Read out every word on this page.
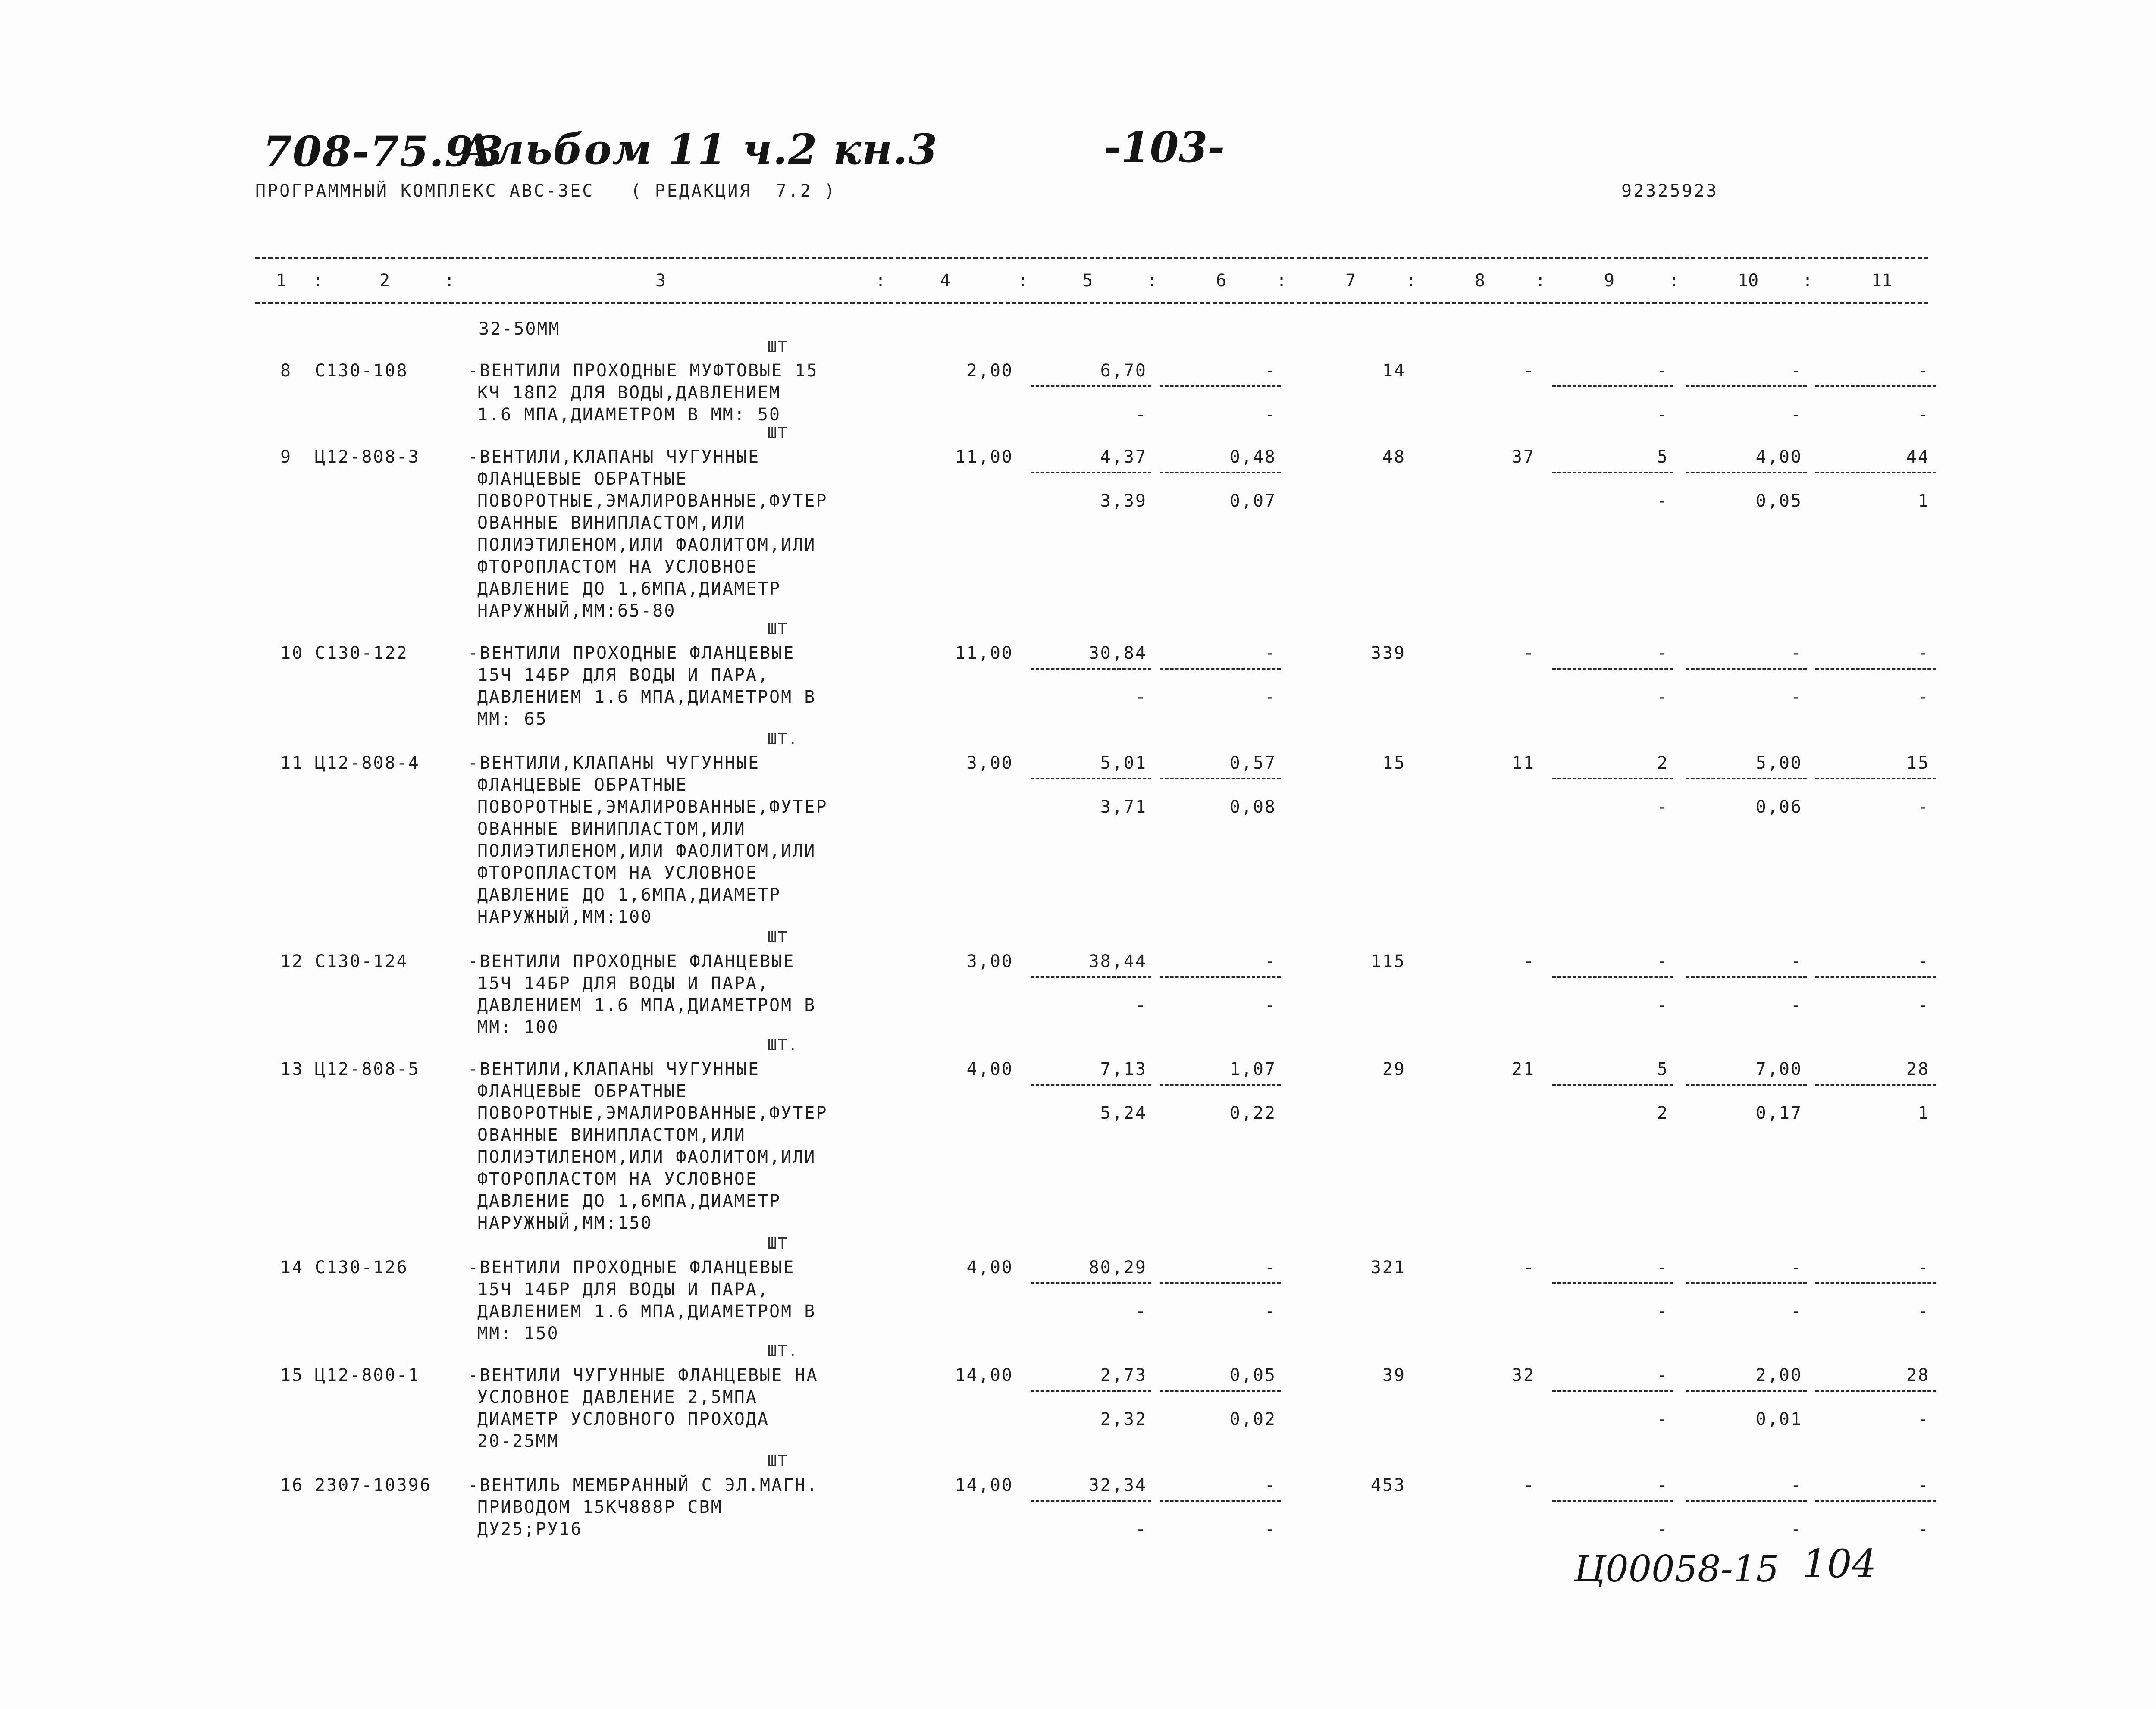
708-75.93
Альбом 11 ч.2 кн.3	-103-
ПРОГРАММНЫЙ КОМПЛЕКС АВС-3ЕС   ( РЕДАКЦИЯ  7.2 )	92325923
1	2	3	4	5	6	7	8	9	10	11
:	:	:	:	:	:	:	:	:	:
32-50ММ
ШТ
8 С130-108	-ВЕНТИЛИ ПРОХОДНЫЕ МУФТОВЫЕ 15
КЧ 18П2 ДЛЯ ВОДЫ,ДАВЛЕНИЕМ
1.6 МПА,ДИАМЕТРОМ В ММ: 50
2,00	6,70	-	14	-	-	-	-
-	-	-	-	-
ШТ
9 Ц12-808-3	-ВЕНТИЛИ,КЛАПАНЫ ЧУГУННЫЕ
ФЛАНЦЕВЫЕ ОБРАТНЫЕ
ПОВОРОТНЫЕ,ЭМАЛИРОВАННЫЕ,ФУТЕР
ОВАННЫЕ ВИНИПЛАСТОМ,ИЛИ
ПОЛИЭТИЛЕНОМ,ИЛИ ФАОЛИТОМ,ИЛИ
ФТОРОПЛАСТОМ НА УСЛОВНОЕ
ДАВЛЕНИЕ ДО 1,6МПА,ДИАМЕТР
НАРУЖНЫЙ,ММ:65-80
11,00	4,37	0,48	48	37	5	4,00	44
3,39	0,07	-	0,05	1
ШТ
10 С130-122	-ВЕНТИЛИ ПРОХОДНЫЕ ФЛАНЦЕВЫЕ
15Ч 14БР ДЛЯ ВОДЫ И ПАРА,
ДАВЛЕНИЕМ 1.6 МПА,ДИАМЕТРОМ В
ММ: 65
11,00	30,84	-	339	-	-	-	-
-	-	-	-	-
ШТ.
11 Ц12-808-4	-ВЕНТИЛИ,КЛАПАНЫ ЧУГУННЫЕ
ФЛАНЦЕВЫЕ ОБРАТНЫЕ
ПОВОРОТНЫЕ,ЭМАЛИРОВАННЫЕ,ФУТЕР
ОВАННЫЕ ВИНИПЛАСТОМ,ИЛИ
ПОЛИЭТИЛЕНОМ,ИЛИ ФАОЛИТОМ,ИЛИ
ФТОРОПЛАСТОМ НА УСЛОВНОЕ
ДАВЛЕНИЕ ДО 1,6МПА,ДИАМЕТР
НАРУЖНЫЙ,ММ:100
3,00	5,01	0,57	15	11	2	5,00	15
3,71	0,08	-	0,06	-
ШТ
12 С130-124	-ВЕНТИЛИ ПРОХОДНЫЕ ФЛАНЦЕВЫЕ
15Ч 14БР ДЛЯ ВОДЫ И ПАРА,
ДАВЛЕНИЕМ 1.6 МПА,ДИАМЕТРОМ В
ММ: 100
3,00	38,44	-	115	-	-	-	-
-	-	-	-	-
ШТ.
13 Ц12-808-5	-ВЕНТИЛИ,КЛАПАНЫ ЧУГУННЫЕ
ФЛАНЦЕВЫЕ ОБРАТНЫЕ
ПОВОРОТНЫЕ,ЭМАЛИРОВАННЫЕ,ФУТЕР
ОВАННЫЕ ВИНИПЛАСТОМ,ИЛИ
ПОЛИЭТИЛЕНОМ,ИЛИ ФАОЛИТОМ,ИЛИ
ФТОРОПЛАСТОМ НА УСЛОВНОЕ
ДАВЛЕНИЕ ДО 1,6МПА,ДИАМЕТР
НАРУЖНЫЙ,ММ:150
4,00	7,13	1,07	29	21	5	7,00	28
5,24	0,22	2	0,17	1
ШТ
14 С130-126	-ВЕНТИЛИ ПРОХОДНЫЕ ФЛАНЦЕВЫЕ
15Ч 14БР ДЛЯ ВОДЫ И ПАРА,
ДАВЛЕНИЕМ 1.6 МПА,ДИАМЕТРОМ В
ММ: 150
4,00	80,29	-	321	-	-	-	-
-	-	-	-	-
ШТ.
15 Ц12-800-1	-ВЕНТИЛИ ЧУГУННЫЕ ФЛАНЦЕВЫЕ НА
УСЛОВНОЕ ДАВЛЕНИЕ 2,5МПА
ДИАМЕТР УСЛОВНОГО ПРОХОДА
20-25ММ
14,00	2,73	0,05	39	32	-	2,00	28
2,32	0,02	-	0,01	-
ШТ
16 2307-10396 -ВЕНТИЛЬ МЕМБРАННЫЙ С ЭЛ.МАГН.
ПРИВОДОМ 15КЧ888Р СВМ
ДУ25;РУ16
14,00	32,34	-	453	-	-	-	-
-	-	-	-	-
Ц00058-15 104
